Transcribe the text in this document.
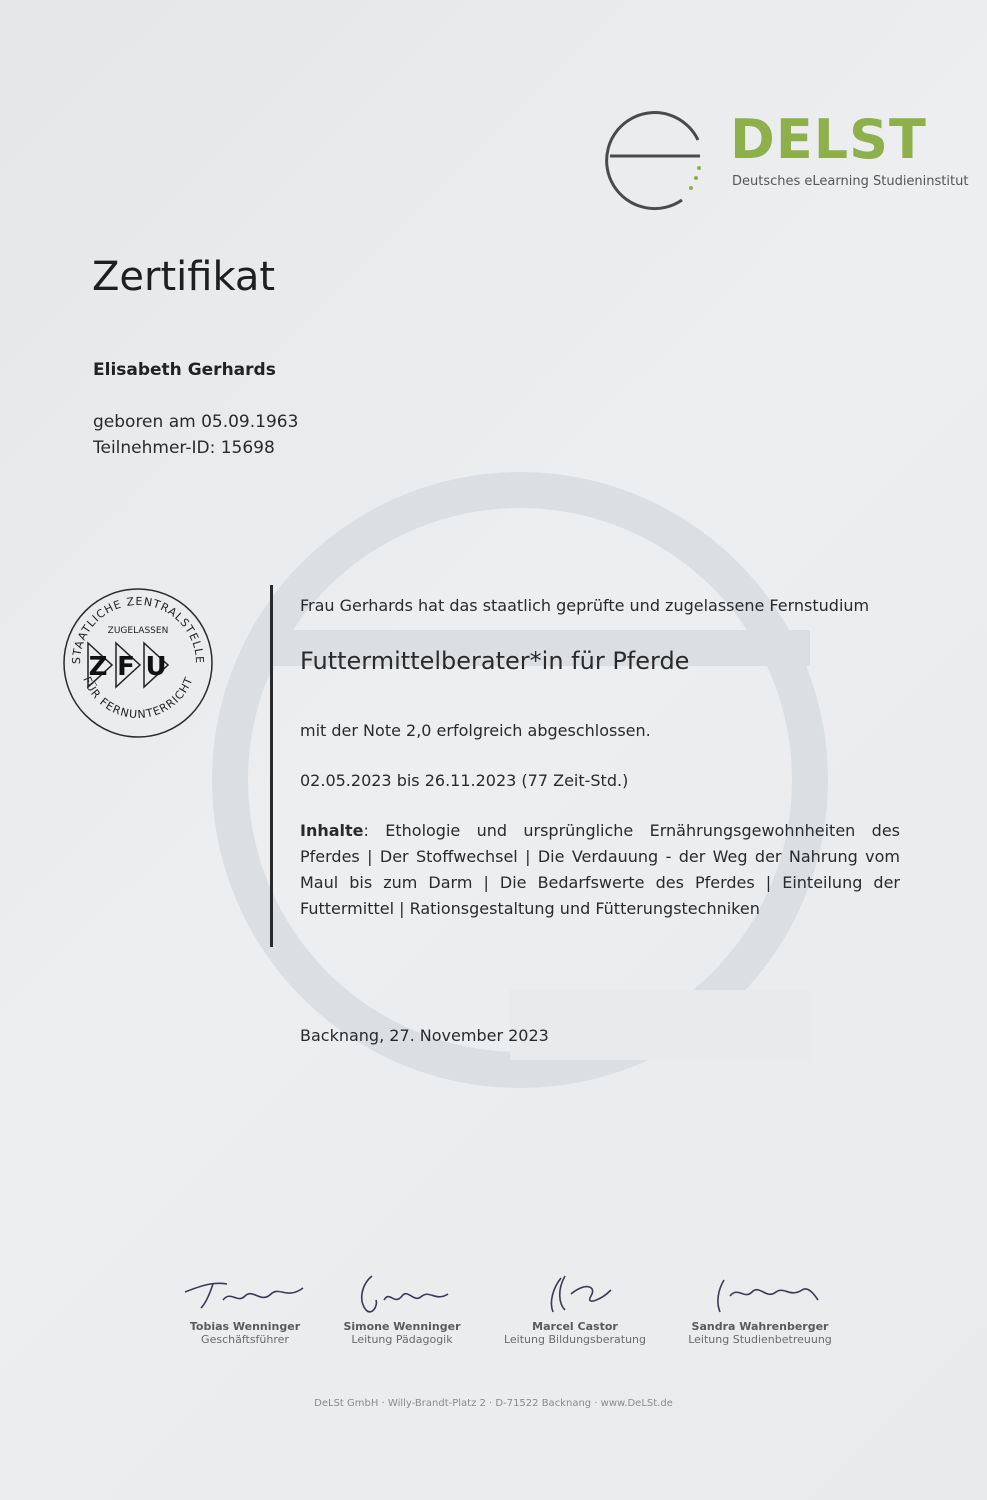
DELST
Deutsches eLearning Studieninstitut
Zertifikat
Elisabeth Gerhards
geboren am 05.09.1963
Teilnehmer-ID: 15698
STAATLICHE ZENTRALSTELLE
FÜR FERNUNTERRICHT
ZUGELASSEN
Z F U
Frau Gerhards hat das staatlich geprüfte und zugelassene Fernstudium
Futtermittelberater*in für Pferde
mit der Note 2,0 erfolgreich abgeschlossen.
02.05.2023 bis 26.11.2023 (77 Zeit-Std.)
Inhalte: Ethologie und ursprüngliche Ernährungsgewohnheiten des Pferdes | Der Stoffwechsel | Die Verdauung - der Weg der Nahrung vom Maul bis zum Darm | Die Bedarfswerte des Pferdes | Einteilung der Futtermittel | Rationsgestaltung und Fütterungstechniken
Backnang, 27. November 2023
Tobias Wenninger
Geschäftsführer
Simone Wenninger
Leitung Pädagogik
Marcel Castor
Leitung Bildungsberatung
Sandra Wahrenberger
Leitung Studienbetreuung
DeLSt GmbH · Willy-Brandt-Platz 2 · D-71522 Backnang · www.DeLSt.de
